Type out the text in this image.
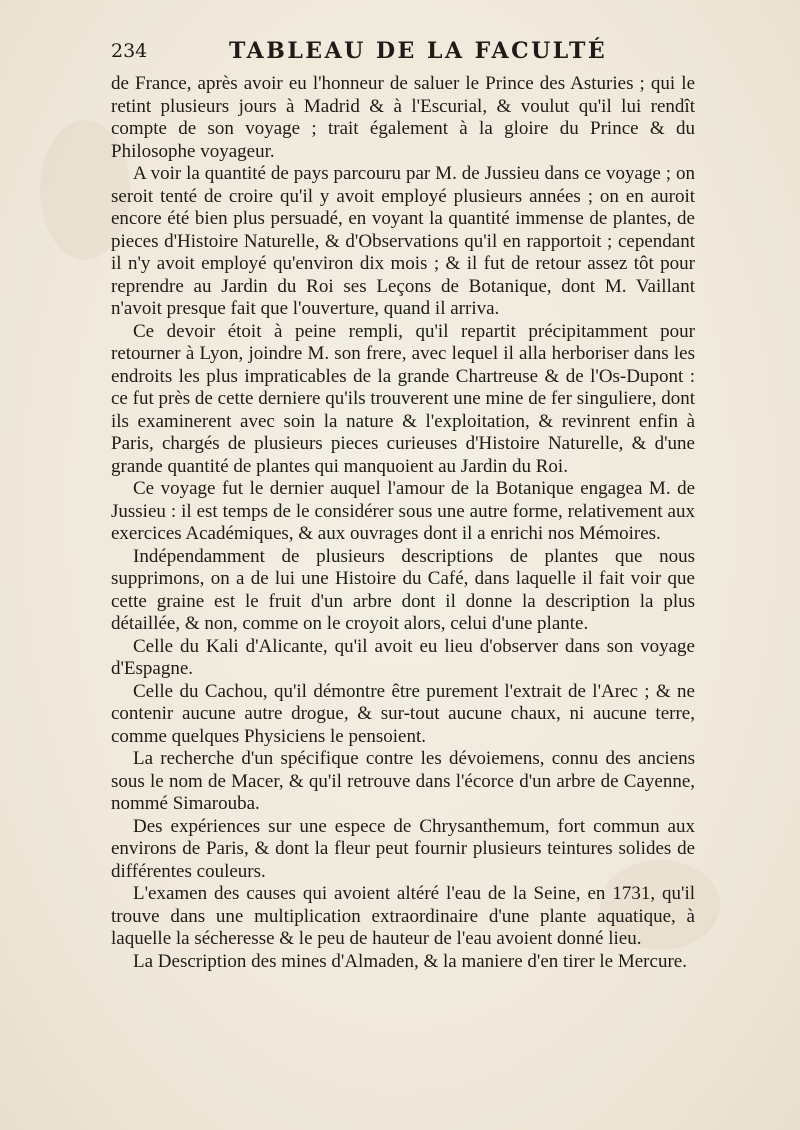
234	TABLEAU DE LA FACULTÉ

de France, après avoir eu l'honneur de saluer le Prince des Asturies ; qui le retint plusieurs jours à Madrid & à l'Escurial, & voulut qu'il lui rendît compte de son voyage ; trait également à la gloire du Prince & du Philosophe voyageur.

A voir la quantité de pays parcouru par M. de Jussieu dans ce voyage ; on seroit tenté de croire qu'il y avoit employé plusieurs années ; on en auroit encore été bien plus persuadé, en voyant la quantité immense de plantes, de pieces d'Histoire Naturelle, & d'Observations qu'il en rapportoit ; cependant il n'y avoit employé qu'environ dix mois ; & il fut de retour assez tôt pour reprendre au Jardin du Roi ses Leçons de Botanique, dont M. Vaillant n'avoit presque fait que l'ouverture, quand il arriva.

Ce devoir étoit à peine rempli, qu'il repartit précipitamment pour retourner à Lyon, joindre M. son frere, avec lequel il alla herboriser dans les endroits les plus impraticables de la grande Chartreuse & de l'Os-Dupont : ce fut près de cette derniere qu'ils trouverent une mine de fer singuliere, dont ils examinerent avec soin la nature & l'exploitation, & revinrent enfin à Paris, chargés de plusieurs pieces curieuses d'Histoire Naturelle, & d'une grande quantité de plantes qui manquoient au Jardin du Roi.

Ce voyage fut le dernier auquel l'amour de la Botanique engagea M. de Jussieu : il est temps de le considérer sous une autre forme, relativement aux exercices Académiques, & aux ouvrages dont il a enrichi nos Mémoires.

Indépendamment de plusieurs descriptions de plantes que nous supprimons, on a de lui une Histoire du Café, dans laquelle il fait voir que cette graine est le fruit d'un arbre dont il donne la description la plus détaillée, & non, comme on le croyoit alors, celui d'une plante.

Celle du Kali d'Alicante, qu'il avoit eu lieu d'observer dans son voyage d'Espagne.

Celle du Cachou, qu'il démontre être purement l'extrait de l'Arec ; & ne contenir aucune autre drogue, & sur-tout aucune chaux, ni aucune terre, comme quelques Physiciens le pensoient.

La recherche d'un spécifique contre les dévoiemens, connu des anciens sous le nom de Macer, & qu'il retrouve dans l'écorce d'un arbre de Cayenne, nommé Simarouba.

Des expériences sur une espece de Chrysanthemum, fort commun aux environs de Paris, & dont la fleur peut fournir plusieurs teintures solides de différentes couleurs.

L'examen des causes qui avoient altéré l'eau de la Seine, en 1731, qu'il trouve dans une multiplication extraordinaire d'une plante aquatique, à laquelle la sécheresse & le peu de hauteur de l'eau avoient donné lieu.

La Description des mines d'Almaden, & la maniere d'en tirer le Mercure.
